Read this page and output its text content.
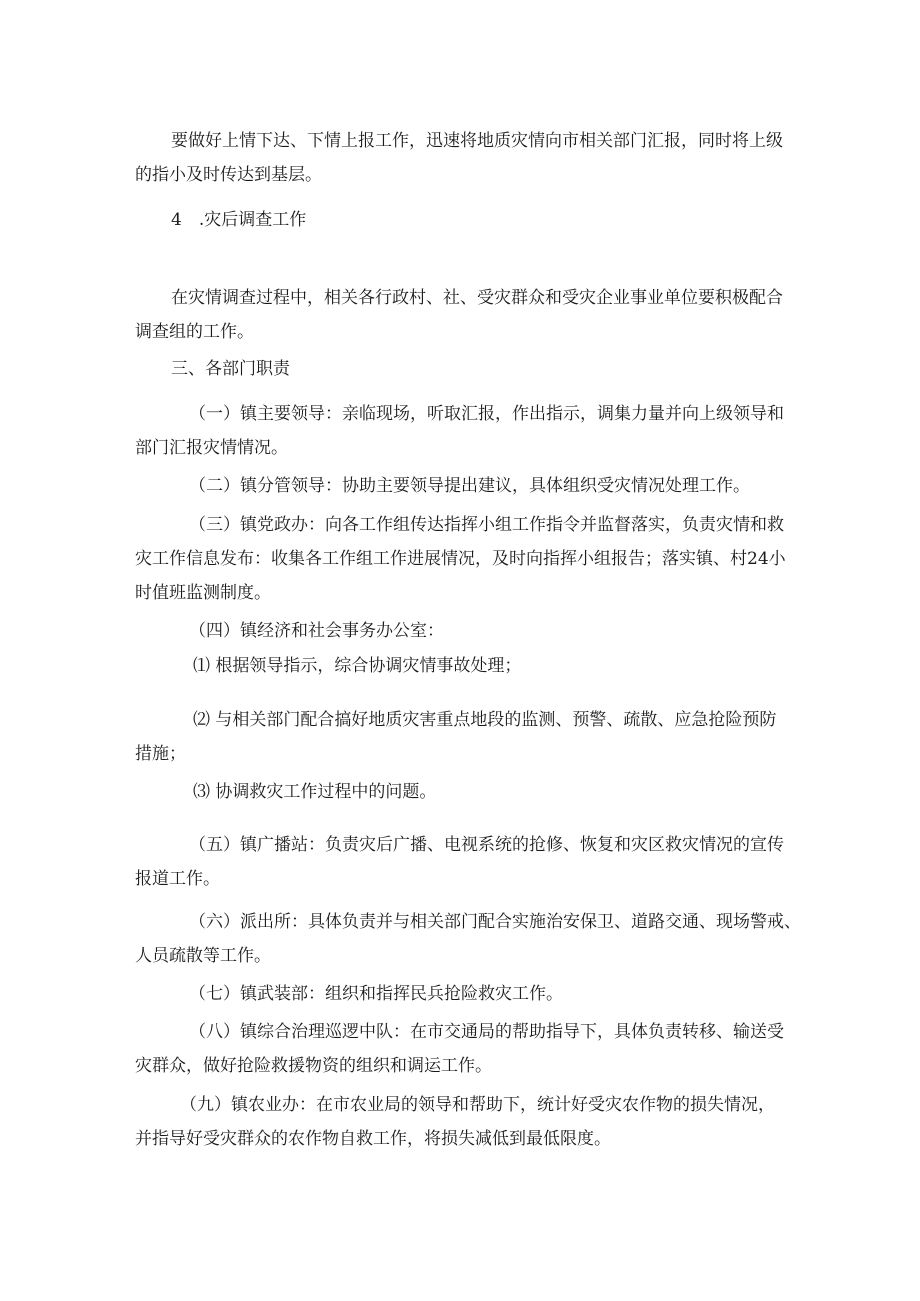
要做好上情下达、下情上报工作，迅速将地质灾情向市相关部门汇报，同时将上级
的指小及时传达到基层。
4　.灾后调查工作
在灾情调查过程中，相关各行政村、社、受灾群众和受灾企业事业单位要积极配合
调查组的工作。
三、各部门职责
（一）镇主要领导：亲临现场，听取汇报，作出指示，调集力量并向上级领导和
部门汇报灾情情况。
（二）镇分管领导：协助主要领导提出建议，具体组织受灾情况处理工作。
（三）镇党政办：向各工作组传达指挥小组工作指令并监督落实，负责灾情和救
灾工作信息发布：收集各工作组工作进展情况，及时向指挥小组报告；落实镇、村24小
时值班监测制度。
（四）镇经济和社会事务办公室：
⑴ 根据领导指示，综合协调灾情事故处理；
⑵ 与相关部门配合搞好地质灾害重点地段的监测、预警、疏散、应急抢险预防
措施；
⑶ 协调救灾工作过程中的问题。
（五）镇广播站：负责灾后广播、电视系统的抢修、恢复和灾区救灾情况的宣传
报道工作。
（六）派出所：具体负责并与相关部门配合实施治安保卫、道路交通、现场警戒、
人员疏散等工作。
（七）镇武装部：组织和指挥民兵抢险救灾工作。
（八）镇综合治理巡逻中队：在市交通局的帮助指导下，具体负责转移、输送受
灾群众，做好抢险救援物资的组织和调运工作。
（九）镇农业办：在市农业局的领导和帮助下，统计好受灾农作物的损失情况，
并指导好受灾群众的农作物自救工作，将损失减低到最低限度。
